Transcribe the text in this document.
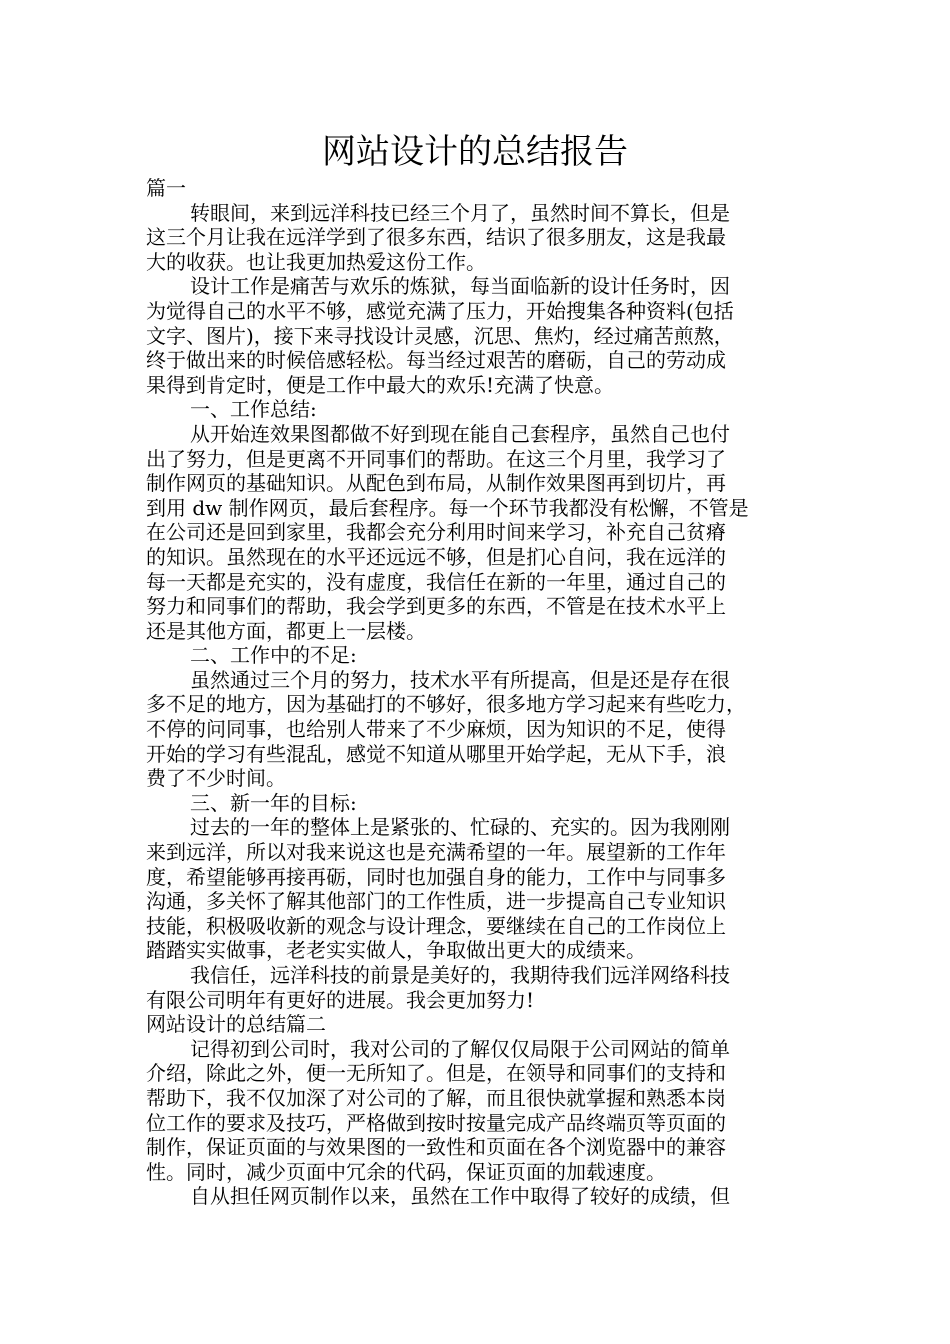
网站设计的总结报告
篇一
转眼间，来到远洋科技已经三个月了，虽然时间不算长，但是
这三个月让我在远洋学到了很多东西，结识了很多朋友，这是我最
大的收获。也让我更加热爱这份工作。
设计工作是痛苦与欢乐的炼狱，每当面临新的设计任务时，因
为觉得自己的水平不够，感觉充满了压力，开始搜集各种资料(包括
文字、图片)，接下来寻找设计灵感，沉思、焦灼，经过痛苦煎熬，
终于做出来的时候倍感轻松。每当经过艰苦的磨砺，自己的劳动成
果得到肯定时，便是工作中最大的欢乐!充满了快意。
一、工作总结:
从开始连效果图都做不好到现在能自己套程序，虽然自己也付
出了努力，但是更离不开同事们的帮助。在这三个月里，我学习了
制作网页的基础知识。从配色到布局，从制作效果图再到切片，再
到用 dw 制作网页，最后套程序。每一个环节我都没有松懈，不管是
在公司还是回到家里，我都会充分利用时间来学习，补充自己贫瘠
的知识。虽然现在的水平还远远不够，但是扪心自问，我在远洋的
每一天都是充实的，没有虚度，我信任在新的一年里，通过自己的
努力和同事们的帮助，我会学到更多的东西，不管是在技术水平上
还是其他方面，都更上一层楼。
二、工作中的不足:
虽然通过三个月的努力，技术水平有所提高，但是还是存在很
多不足的地方，因为基础打的不够好，很多地方学习起来有些吃力，
不停的问同事，也给别人带来了不少麻烦，因为知识的不足，使得
开始的学习有些混乱，感觉不知道从哪里开始学起，无从下手，浪
费了不少时间。
三、新一年的目标:
过去的一年的整体上是紧张的、忙碌的、充实的。因为我刚刚
来到远洋，所以对我来说这也是充满希望的一年。展望新的工作年
度，希望能够再接再砺，同时也加强自身的能力，工作中与同事多
沟通，多关怀了解其他部门的工作性质，进一步提高自己专业知识
技能，积极吸收新的观念与设计理念，要继续在自己的工作岗位上
踏踏实实做事，老老实实做人，争取做出更大的成绩来。
我信任，远洋科技的前景是美好的，我期待我们远洋网络科技
有限公司明年有更好的进展。我会更加努力!
网站设计的总结篇二
记得初到公司时，我对公司的了解仅仅局限于公司网站的简单
介绍，除此之外，便一无所知了。但是，在领导和同事们的支持和
帮助下，我不仅加深了对公司的了解，而且很快就掌握和熟悉本岗
位工作的要求及技巧，严格做到按时按量完成产品终端页等页面的
制作，保证页面的与效果图的一致性和页面在各个浏览器中的兼容
性。同时，减少页面中冗余的代码，保证页面的加载速度。
自从担任网页制作以来，虽然在工作中取得了较好的成绩，但
